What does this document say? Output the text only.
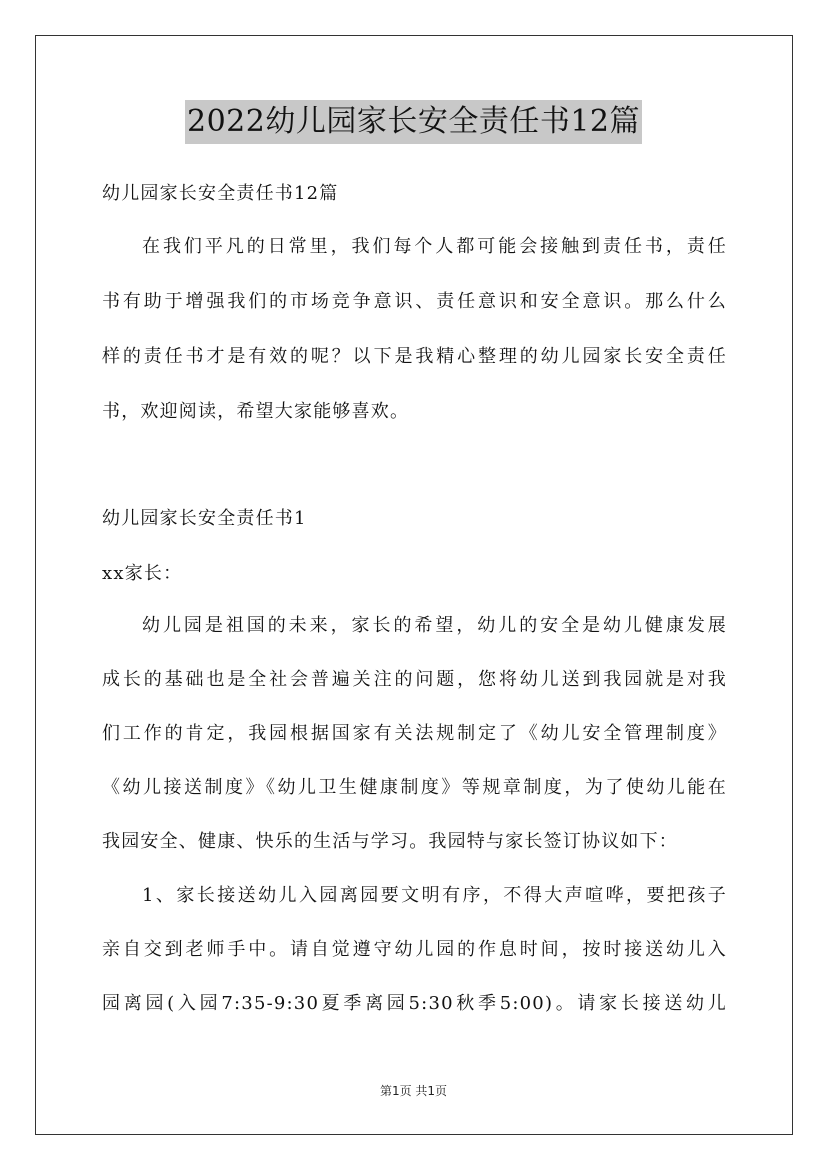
2022幼儿园家长安全责任书12篇
幼儿园家长安全责任书12篇
在我们平凡的日常里，我们每个人都可能会接触到责任书，责任
书有助于增强我们的市场竞争意识、责任意识和安全意识。那么什么
样的责任书才是有效的呢？以下是我精心整理的幼儿园家长安全责任
书，欢迎阅读，希望大家能够喜欢。
幼儿园家长安全责任书1
xx家长：
幼儿园是祖国的未来，家长的希望，幼儿的安全是幼儿健康发展
成长的基础也是全社会普遍关注的问题，您将幼儿送到我园就是对我
们工作的肯定，我园根据国家有关法规制定了《幼儿安全管理制度》
《幼儿接送制度》《幼儿卫生健康制度》等规章制度，为了使幼儿能在
我园安全、健康、快乐的生活与学习。我园特与家长签订协议如下：
1、家长接送幼儿入园离园要文明有序，不得大声喧哗，要把孩子
亲自交到老师手中。请自觉遵守幼儿园的作息时间，按时接送幼儿入
园离园(入园7:35-9:30夏季离园5:30秋季5:00)。请家长接送幼儿
第1页 共1页
